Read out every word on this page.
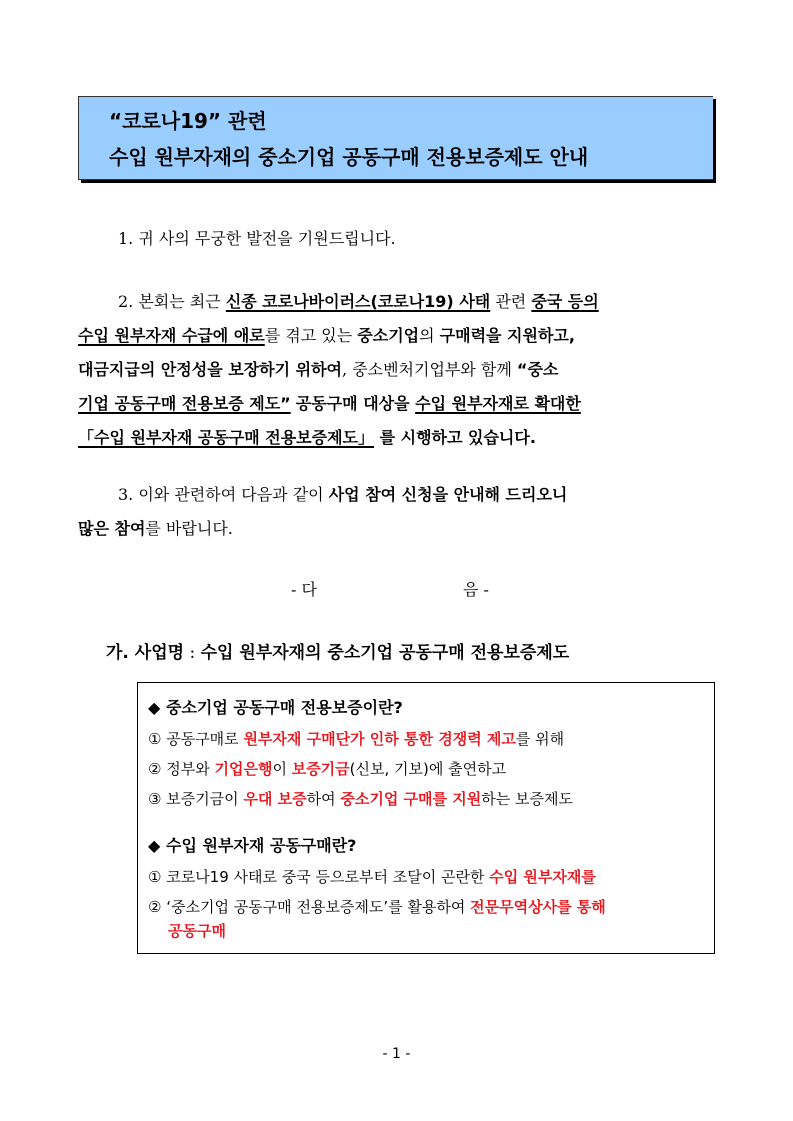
“코로나19” 관련
수입 원부자재의 중소기업 공동구매 전용보증제도 안내
1. 귀 사의 무궁한 발전을 기원드립니다.
2. 본회는 최근 신종 코로나바이러스(코로나19) 사태 관련 중국 등의
수입 원부자재 수급에 애로를 겪고 있는 중소기업의 구매력을 지원하고,
대금지급의 안정성을 보장하기 위하여, 중소벤처기업부와 함께 “중소
기업 공동구매 전용보증 제도” 공동구매 대상을 수입 원부자재로 확대한
「수입 원부자재 공동구매 전용보증제도」 를 시행하고 있습니다.
3. 이와 관련하여 다음과 같이 사업 참여 신청을 안내해 드리오니
많은 참여를 바랍니다.
- 다	음 -
가. 사업명 : 수입 원부자재의 중소기업 공동구매 전용보증제도
◆ 중소기업 공동구매 전용보증이란?
① 공동구매로 원부자재 구매단가 인하 통한 경쟁력 제고를 위해
② 정부와 기업은행이 보증기금(신보, 기보)에 출연하고
③ 보증기금이 우대 보증하여 중소기업 구매를 지원하는 보증제도
◆ 수입 원부자재 공동구매란?
① 코로나19 사태로 중국 등으로부터 조달이 곤란한 수입 원부자재를
② ‘중소기업 공동구매 전용보증제도’를 활용하여 전문무역상사를 통해
공동구매
- 1 -
